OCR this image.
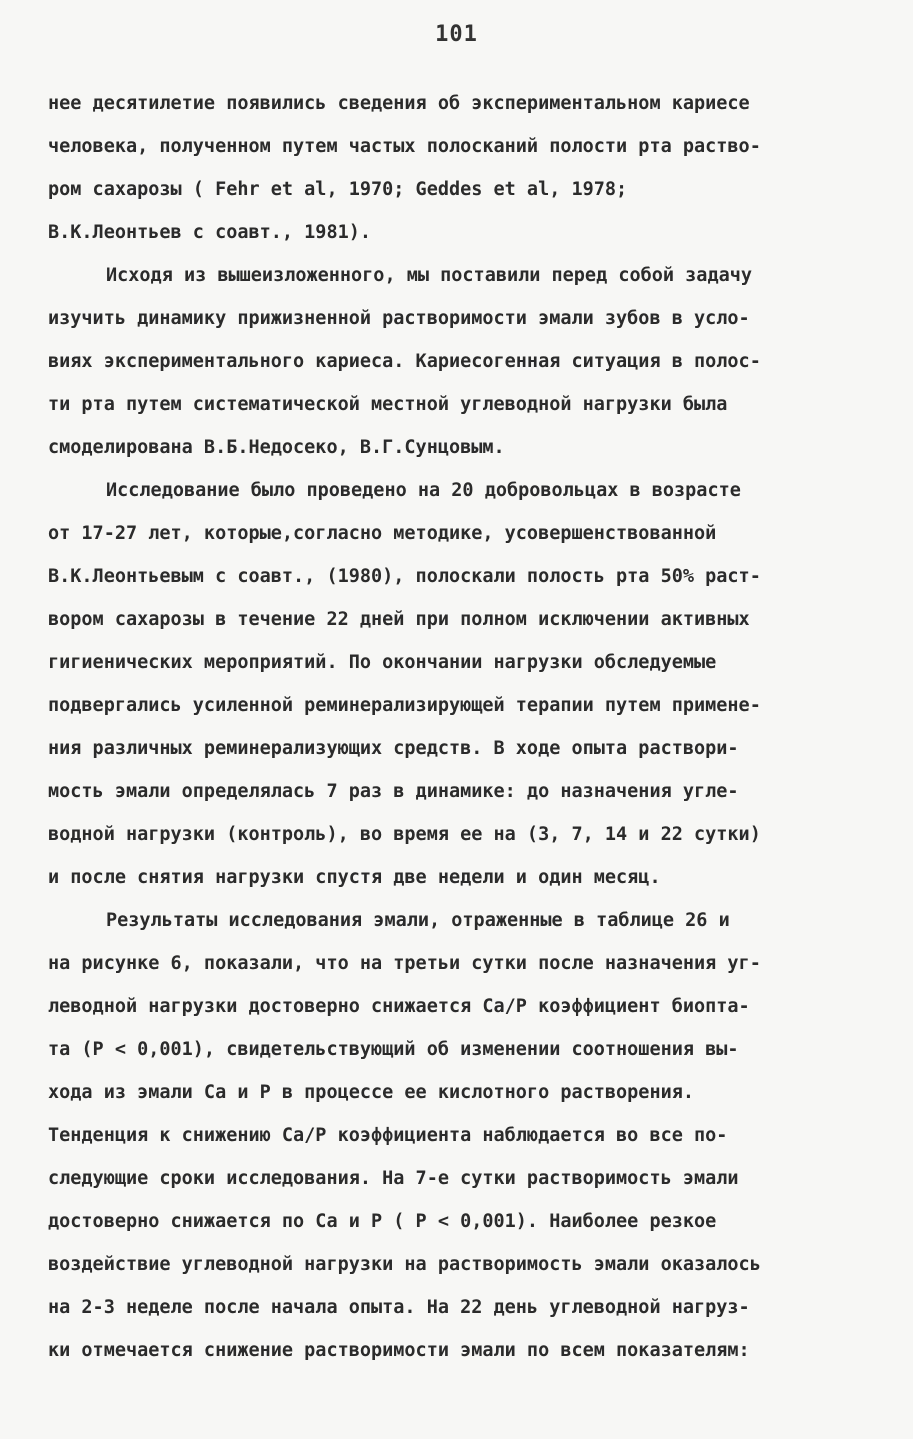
101

нее десятилетие появились сведения об экспериментальном кариесе
человека, полученном путем частых полосканий полости рта раство-
ром сахарозы ( Fehr et al, 1970; Geddes et al, 1978;
В.К.Леонтьев с соавт., 1981).

Исходя из вышеизложенного, мы поставили перед собой задачу
изучить динамику прижизненной растворимости эмали зубов в усло-
виях экспериментального кариеса. Кариесогенная ситуация в полос-
ти рта путем систематической местной углеводной нагрузки была
смоделирована В.Б.Недосеко, В.Г.Сунцовым.

Исследование было проведено на 20 добровольцах в возрасте
от 17-27 лет, которые,согласно методике, усовершенствованной
В.К.Леонтьевым с соавт., (1980), полоскали полость рта 50% раст-
вором сахарозы в течение 22 дней при полном исключении активных
гигиенических мероприятий. По окончании нагрузки обследуемые
подвергались усиленной реминерализирующей терапии путем примене-
ния различных реминерализующих средств. В ходе опыта раствори-
мость эмали определялась 7 раз в динамике: до назначения угле-
водной нагрузки (контроль), во время ее на (3, 7, 14 и 22 сутки)
и после снятия нагрузки спустя две недели и один месяц.

Результаты исследования эмали, отраженные в таблице 26 и
на рисунке 6, показали, что на третьи сутки после назначения уг-
леводной нагрузки достоверно снижается Ca/P коэффициент биопта-
та (P < 0,001), свидетельствующий об изменении соотношения вы-
хода из эмали Ca и P в процессе ее кислотного растворения.
Тенденция к снижению Ca/P коэффициента наблюдается во все по-
следующие сроки исследования. На 7-е сутки растворимость эмали
достоверно снижается по Ca и P ( P < 0,001). Наиболее резкое
воздействие углеводной нагрузки на растворимость эмали оказалось
на 2-3 неделе после начала опыта. На 22 день углеводной нагруз-
ки отмечается снижение растворимости эмали по всем показателям:
